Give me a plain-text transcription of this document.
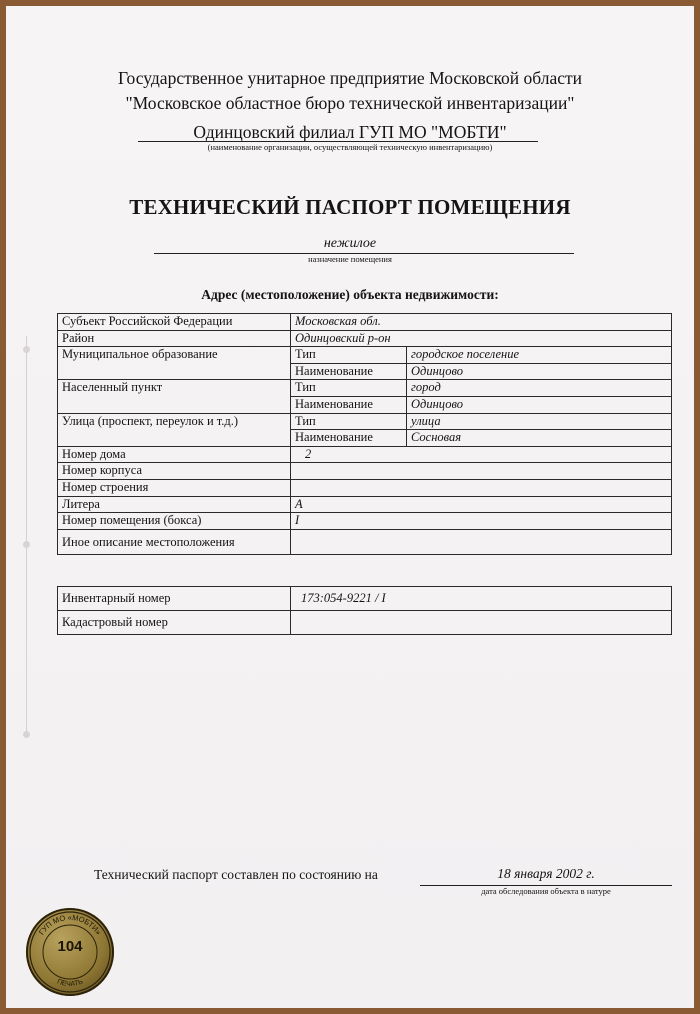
Государственное унитарное предприятие Московской области
"Московское областное бюро технической инвентаризации"
Одинцовский филиал ГУП МО "МОБТИ"
(наименование организации, осуществляющей техническую инвентаризацию)
ТЕХНИЧЕСКИЙ ПАСПОРТ ПОМЕЩЕНИЯ
нежилое
назначение помещения
Адрес (местоположение) объекта недвижимости:
Субъект Российской Федерации	Московская обл.	
Район	Одинцовский р-он	
Муниципальное образование	Тип	городское поселение
	Наименование	Одинцово
Населенный пункт	Тип	город
	Наименование	Одинцово
Улица (проспект, переулок и т.д.)	Тип	улица
	Наименование	Сосновая
Номер дома	2	
Номер корпуса		
Номер строения		
Литера	А	
Номер помещения (бокса)	I	
Иное описание местоположения		
Инвентарный номер	173:054-9221 / I
Кадастровый номер	
Технический паспорт составлен по состоянию на	18 января 2002 г.
дата обследования объекта в натуре
ГУП МО «МОБТИ»
ПЕЧАТЬ
104
